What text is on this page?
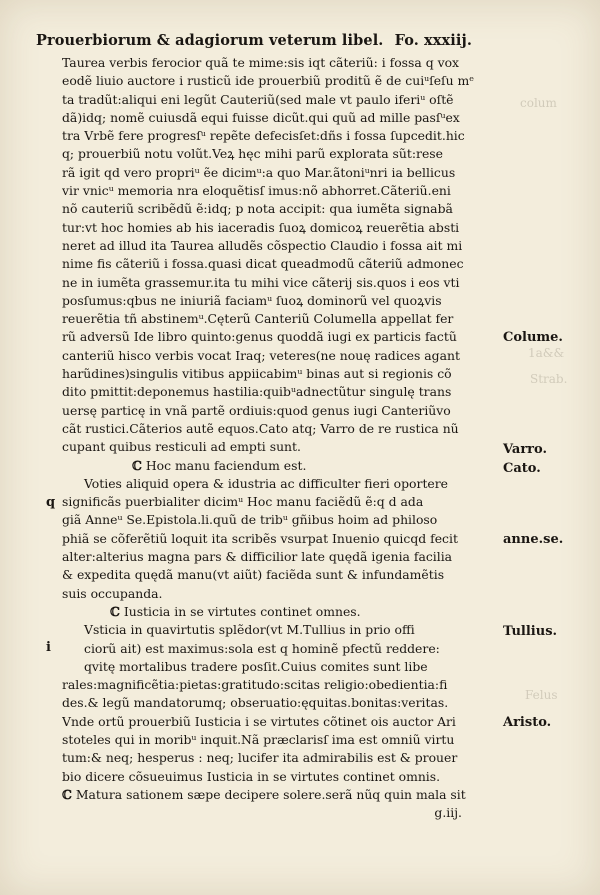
colum
1a&&
Strab.
Felus
Prouerbiorum & adagiorum veterum libel. Fo. xxxiij.
Taurea verbis ferocior quã te mime:sis iqt cãteriũ: i fossa q vox
eodẽ liuio auctore i rusticũ ide prouerbiũ proditũ ẽ de cuiᵘſeſu mᵉ
ta tradũt:aliqui eni legũt Cauteriũ(sed male vt paulo iferiᵘ oſtẽ
dã)idq; nomẽ cuiusdã equi fuisse dicũt.qui quũ ad mille pasſᵘex
tra Vrbẽ fere progresſᵘ repẽte defecisſet:dñs i fossa ſupcedit.hic
q; prouerbiũ notu volũt.Veꝝ hęc mihi parũ explorata sũt:rese
rã igit qd vero propriᵘ ẽe dicimᵘ:a quo Mar.ãtoniᵘnri ia bellicus
vir vnicᵘ memoria nra eloquẽtisſ imus:nõ abhorret.Cãteriũ.eni
nõ cauteriũ scribẽdũ ẽ:idq; p nota accipit: qua iumẽta signabã
tur:vt hoc homies ab his iaceradis ſuoꝝ domicoꝝ reuerẽtia absti
neret ad illud ita Taurea alludẽs cõspectio Claudio i fossa ait mi
nime fis cãteriũ i fossa.quasi dicat queadmodũ cãteriũ admonec
ne in iumẽta grassemur.ita tu mihi vice cãterij sis.quos i eos vti
posſumus:qbus ne iniuriã faciamᵘ ſuoꝝ dominorũ vel quoꝝvis
reuerẽtia tñ abstinemᵘ.Cęterũ Canteriũ Columella appellat fer
rũ adversũ Ide libro quinto:genus quoddã iugi ex particis factũ
canteriũ hisco verbis vocat Iraq; veteres(ne nouę radices agant
harũdines)singulis vitibus appiicabimᵘ binas aut si regionis cõ
dito pmittit:deponemus hastilia:quibᵘadnectũtur singulę trans
uersę particę in vnã partẽ ordiuis:quod genus iugi Canteriũvo
cãt rustici.Cãterios autẽ equos.Cato atq; Varro de re rustica nũ
cupant quibus resticuli ad empti sunt.
ℂ Hoc manu faciendum est.
Voties aliquid opera & idustria ac difficulter fieri oportere
significãs puerbialiter dicimᵘ Hoc manu faciẽdũ ẽ:q d ada
giã Anneᵘ Se.Epistola.li.quũ de tribᵘ gñibus hoim ad philoso
phiã se cõferẽtiũ loquit ita scribẽs vsurpat Inuenio quicqd fecit
alter:alterius magna pars & difficilior late quędã igenia facilia
& expedita quędã manu(vt aiũt) faciẽda sunt & infundamẽtis
suis occupanda.
ℂ Iusticia in se virtutes continet omnes.
Vsticia in quavirtutis splẽdor(vt M.Tullius in prio offi
ciorũ ait) est maximus:sola est q hominẽ pfectũ reddere:
qvitę mortalibus tradere posſit.Cuius comites sunt libe
rales:magnificẽtia:pietas:gratitudo:scitas religio:obedientia:fi
des.& legũ mandatorumq; obseruatio:ęquitas.bonitas:veritas.
Vnde ortũ prouerbiũ Iusticia i se virtutes cõtinet ois auctor Ari
stoteles qui in moribᵘ inquit.Nã prӕclarisſ ima est omniũ virtu
tum:& neq; hesperus : neq; lucifer ita admirabilis est & prouer
bio dicere cõsueuimus Iusticia in se virtutes continet omnis.
ℂ Matura sationem sæpe decipere solere.serã nũq quin mala sit
g.iij.
q
i
Colume.
Varro.
Cato.
anne.se.
Tullius.
Aristo.
